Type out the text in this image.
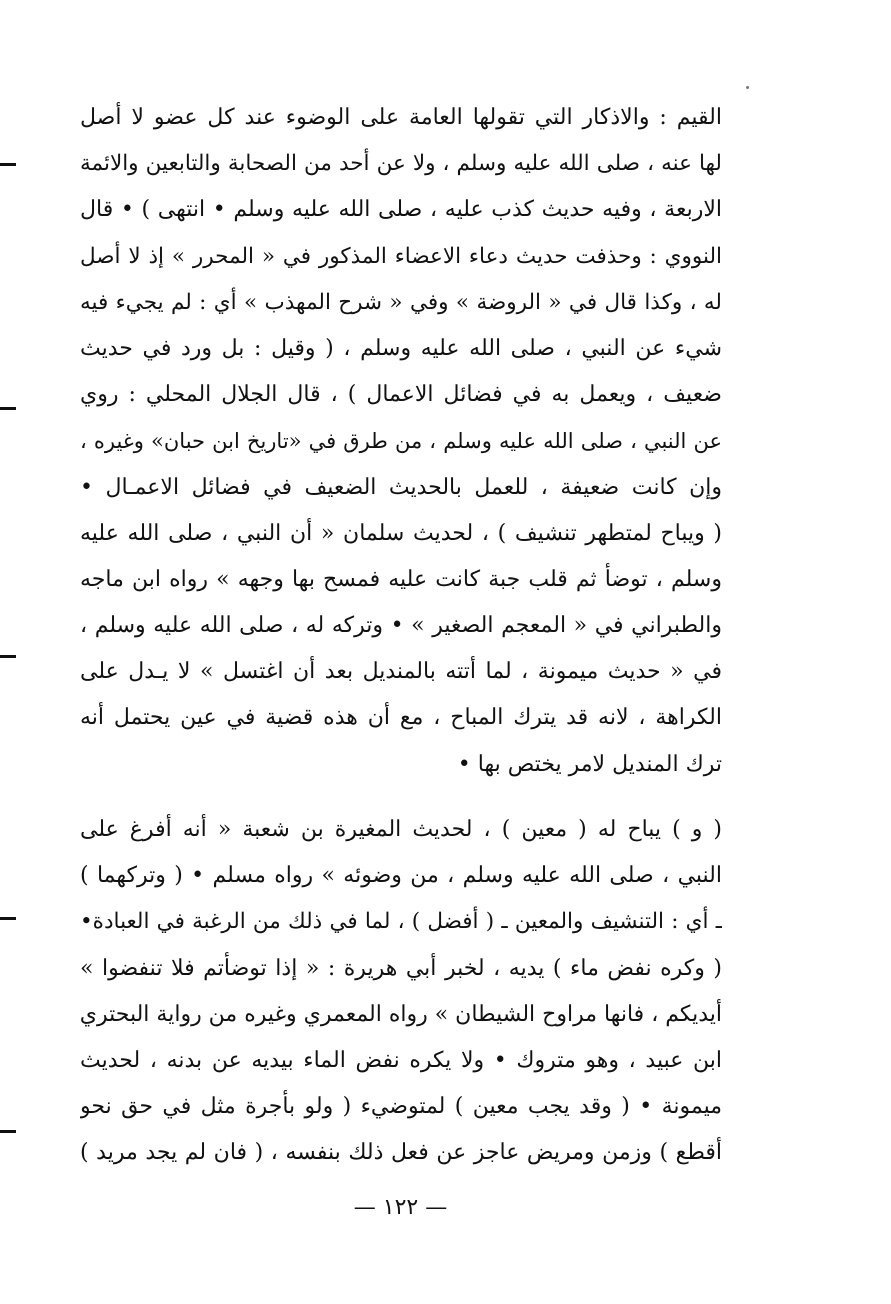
القيم : والاذكار التي تقولها العامة على الوضوء عند كل عضو لا أصل
لها عنه ، صلى الله عليه وسلم ، ولا عن أحد من الصحابة والتابعين والائمة
الاربعة ، وفيه حديث كذب عليه ، صلى الله عليه وسلم • انتهى ) • قال
النووي : وحذفت حديث دعاء الاعضاء المذكور في « المحرر » إذ لا أصل
له ، وكذا قال في « الروضة » وفي « شرح المهذب » أي : لم يجيء فيه
شيء عن النبي ، صلى الله عليه وسلم ، ( وقيل : بل ورد في حديث
ضعيف ، ويعمل به في فضائل الاعمال ) ، قال الجلال المحلي : روي
عن النبي ، صلى الله عليه وسلم ، من طرق في «تاريخ ابن حبان» وغيره ،
وإن كانت ضعيفة ، للعمل بالحديث الضعيف في فضائل الاعمـال •
( ويباح لمتطهر تنشيف ) ، لحديث سلمان « أن النبي ، صلى الله عليه
وسلم ، توضأ ثم قلب جبة كانت عليه فمسح بها وجهه » رواه ابن ماجه
والطبراني في « المعجم الصغير » • وتركه له ، صلى الله عليه وسلم ،
في « حديث ميمونة ، لما أتته بالمنديل بعد أن اغتسل » لا يـدل على
الكراهة ، لانه قد يترك المباح ، مع أن هذه قضية في عين يحتمل أنه
ترك المنديل لامر يختص بها •
( و ) يباح له ( معين ) ، لحديث المغيرة بن شعبة « أنه أفرغ على
النبي ، صلى الله عليه وسلم ، من وضوئه » رواه مسلم • ( وتركهما )
ـ أي : التنشيف والمعين ـ ( أفضل ) ، لما في ذلك من الرغبة في العبادة•
( وكره نفض ماء ) يديه ، لخبر أبي هريرة : « إذا توضأتم فلا تنفضوا »
أيديكم ، فانها مراوح الشيطان » رواه المعمري وغيره من رواية البحتري
ابن عبيد ، وهو متروك • ولا يكره نفض الماء بيديه عن بدنه ، لحديث
ميمونة • ( وقد يجب معين ) لمتوضيء ( ولو بأجرة مثل في حق نحو
أقطع ) وزمن ومريض عاجز عن فعل ذلك بنفسه ، ( فان لم يجد مريد )
— ١٢٢ —
